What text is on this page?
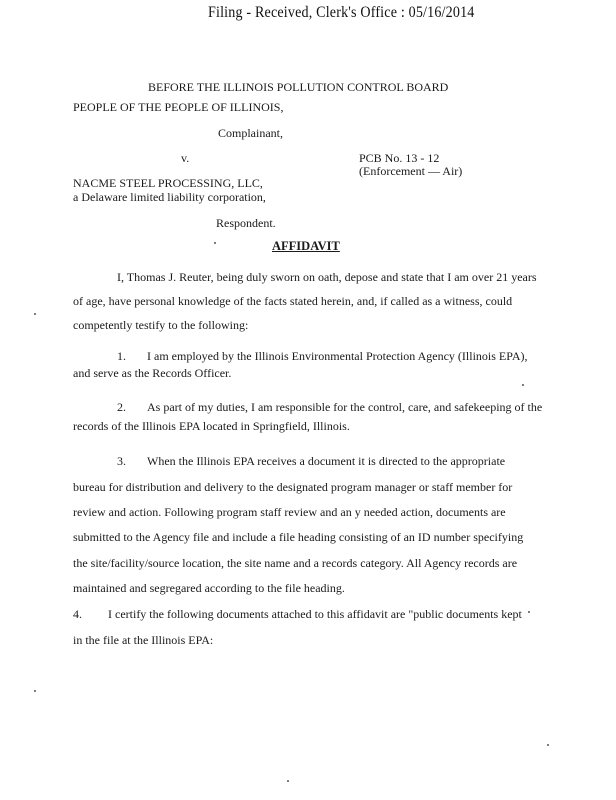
Filing - Received, Clerk's Office : 05/16/2014
BEFORE THE ILLINOIS POLLUTION CONTROL BOARD
PEOPLE OF THE PEOPLE OF ILLINOIS,
Complainant,
v.	PCB No. 13 - 12
(Enforcement — Air)
NACME STEEL PROCESSING, LLC,
a Delaware limited liability corporation,
Respondent.
AFFIDAVIT
I, Thomas J. Reuter, being duly sworn on oath, depose and state that I am over 21 years
of age, have personal knowledge of the facts stated herein, and, if called as a witness, could
competently testify to the following:
1. I am employed by the Illinois Environmental Protection Agency (Illinois EPA),
and serve as the Records Officer.
2. As part of my duties, I am responsible for the control, care, and safekeeping of the
records of the Illinois EPA located in Springfield, Illinois.
3. When the Illinois EPA receives a document it is directed to the appropriate
bureau for distribution and delivery to the designated program manager or staff member for
review and action. Following program staff review and an y needed action, documents are
submitted to the Agency file and include a file heading consisting of an ID number specifying
the site/facility/source location, the site name and a records category. All Agency records are
maintained and segregared according to the file heading.
4. I certify the following documents attached to this affidavit are "public documents kept
in the file at the Illinois EPA:
